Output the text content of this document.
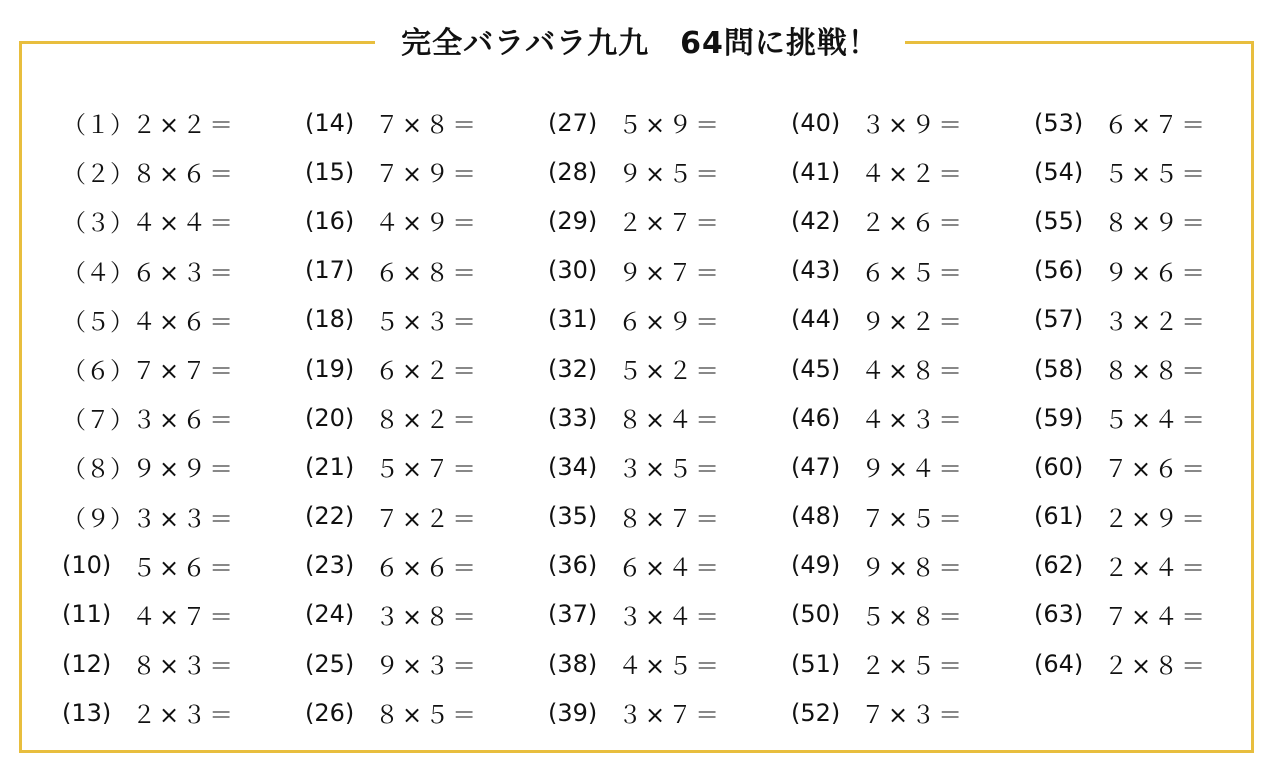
完全バラバラ九九　64問に挑戦！
（１）
２×２＝
（２）
８×６＝
（３）
４×４＝
（４）
６×３＝
（５）
４×６＝
（６）
７×７＝
（７）
３×６＝
（８）
９×９＝
（９）
３×３＝
(10) ５×６＝
(11) ４×７＝
(12) ８×３＝
(13) ２×３＝
(14) ７×８＝
(15) ７×９＝
(16) ４×９＝
(17) ６×８＝
(18) ５×３＝
(19) ６×２＝
(20) ８×２＝
(21) ５×７＝
(22) ７×２＝
(23) ６×６＝
(24) ３×８＝
(25) ９×３＝
(26) ８×５＝
(27) ５×９＝
(28) ９×５＝
(29) ２×７＝
(30) ９×７＝
(31) ６×９＝
(32) ５×２＝
(33) ８×４＝
(34) ３×５＝
(35) ８×７＝
(36) ６×４＝
(37) ３×４＝
(38) ４×５＝
(39) ３×７＝
(40) ３×９＝
(41) ４×２＝
(42) ２×６＝
(43) ６×５＝
(44) ９×２＝
(45) ４×８＝
(46) ４×３＝
(47) ９×４＝
(48) ７×５＝
(49) ９×８＝
(50) ５×８＝
(51) ２×５＝
(52) ７×３＝
(53) ６×７＝
(54) ５×５＝
(55) ８×９＝
(56) ９×６＝
(57) ３×２＝
(58) ８×８＝
(59) ５×４＝
(60) ７×６＝
(61) ２×９＝
(62) ２×４＝
(63) ７×４＝
(64) ２×８＝
